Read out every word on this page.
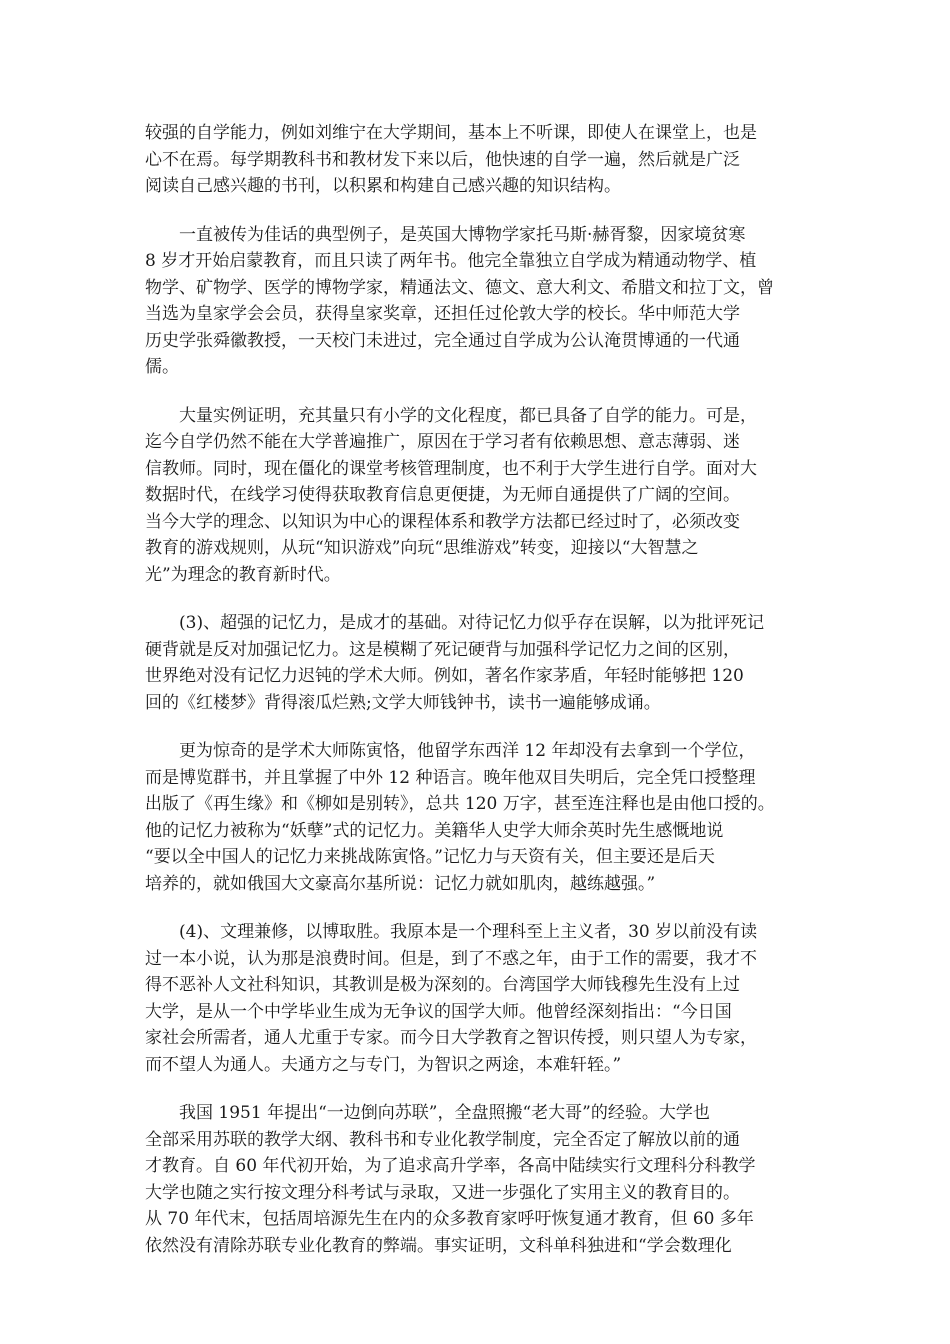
较强的自学能力，例如刘维宁在大学期间，基本上不听课，即使人在课堂上，也是
心不在焉。每学期教科书和教材发下来以后，他快速的自学一遍，然后就是广泛
阅读自己感兴趣的书刊，以积累和构建自己感兴趣的知识结构。

一直被传为佳话的典型例子，是英国大博物学家托马斯·赫胥黎，因家境贫寒
8 岁才开始启蒙教育，而且只读了两年书。他完全靠独立自学成为精通动物学、植
物学、矿物学、医学的博物学家，精通法文、德文、意大利文、希腊文和拉丁文，曾
当选为皇家学会会员，获得皇家奖章，还担任过伦敦大学的校长。华中师范大学
历史学张舜徽教授，一天校门未进过，完全通过自学成为公认淹贯博通的一代通
儒。

大量实例证明，充其量只有小学的文化程度，都已具备了自学的能力。可是，
迄今自学仍然不能在大学普遍推广，原因在于学习者有依赖思想、意志薄弱、迷
信教师。同时，现在僵化的课堂考核管理制度，也不利于大学生进行自学。面对大
数据时代，在线学习使得获取教育信息更便捷，为无师自通提供了广阔的空间。
当今大学的理念、以知识为中心的课程体系和教学方法都已经过时了，必须改变
教育的游戏规则，从玩“知识游戏”向玩“思维游戏”转变，迎接以“大智慧之
光”为理念的教育新时代。

(3)、超强的记忆力，是成才的基础。对待记忆力似乎存在误解，以为批评死记
硬背就是反对加强记忆力。这是模糊了死记硬背与加强科学记忆力之间的区别，
世界绝对没有记忆力迟钝的学术大师。例如，著名作家茅盾，年轻时能够把 120
回的《红楼梦》背得滚瓜烂熟;文学大师钱钟书，读书一遍能够成诵。

更为惊奇的是学术大师陈寅恪，他留学东西洋 12 年却没有去拿到一个学位，
而是博览群书，并且掌握了中外 12 种语言。晚年他双目失明后，完全凭口授整理
出版了《再生缘》和《柳如是别转》，总共 120 万字，甚至连注释也是由他口授的。
他的记忆力被称为“妖孽”式的记忆力。美籍华人史学大师余英时先生感慨地说
“要以全中国人的记忆力来挑战陈寅恪。”记忆力与天资有关，但主要还是后天
培养的，就如俄国大文豪高尔基所说：记忆力就如肌肉，越练越强。”

(4)、文理兼修，以博取胜。我原本是一个理科至上主义者，30 岁以前没有读
过一本小说，认为那是浪费时间。但是，到了不惑之年，由于工作的需要，我才不
得不恶补人文社科知识，其教训是极为深刻的。台湾国学大师钱穆先生没有上过
大学，是从一个中学毕业生成为无争议的国学大师。他曾经深刻指出：“今日国
家社会所需者，通人尤重于专家。而今日大学教育之智识传授，则只望人为专家，
而不望人为通人。夫通方之与专门，为智识之两途，本难轩轾。”

我国 1951 年提出“一边倒向苏联”，全盘照搬“老大哥”的经验。大学也
全部采用苏联的教学大纲、教科书和专业化教学制度，完全否定了解放以前的通
才教育。自 60 年代初开始，为了追求高升学率，各高中陆续实行文理科分科教学
大学也随之实行按文理分科考试与录取，又进一步强化了实用主义的教育目的。
从 70 年代末，包括周培源先生在内的众多教育家呼吁恢复通才教育，但 60 多年
依然没有清除苏联专业化教育的弊端。事实证明，文科单科独进和“学会数理化
